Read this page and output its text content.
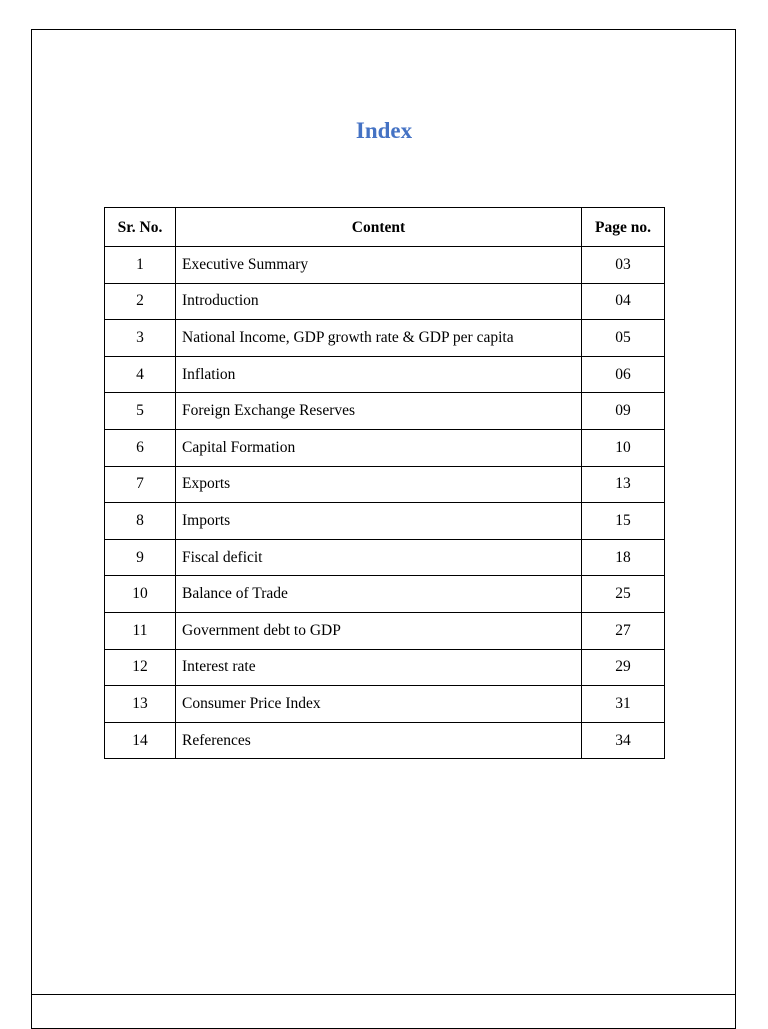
Index
Sr. No.	Content	Page no.
1	Executive Summary	03
2	Introduction	04
3	National Income, GDP growth rate & GDP per capita	05
4	Inflation	06
5	Foreign Exchange Reserves	09
6	Capital Formation	10
7	Exports	13
8	Imports	15
9	Fiscal deficit	18
10	Balance of Trade	25
11	Government debt to GDP	27
12	Interest rate	29
13	Consumer Price Index	31
14	References	34
